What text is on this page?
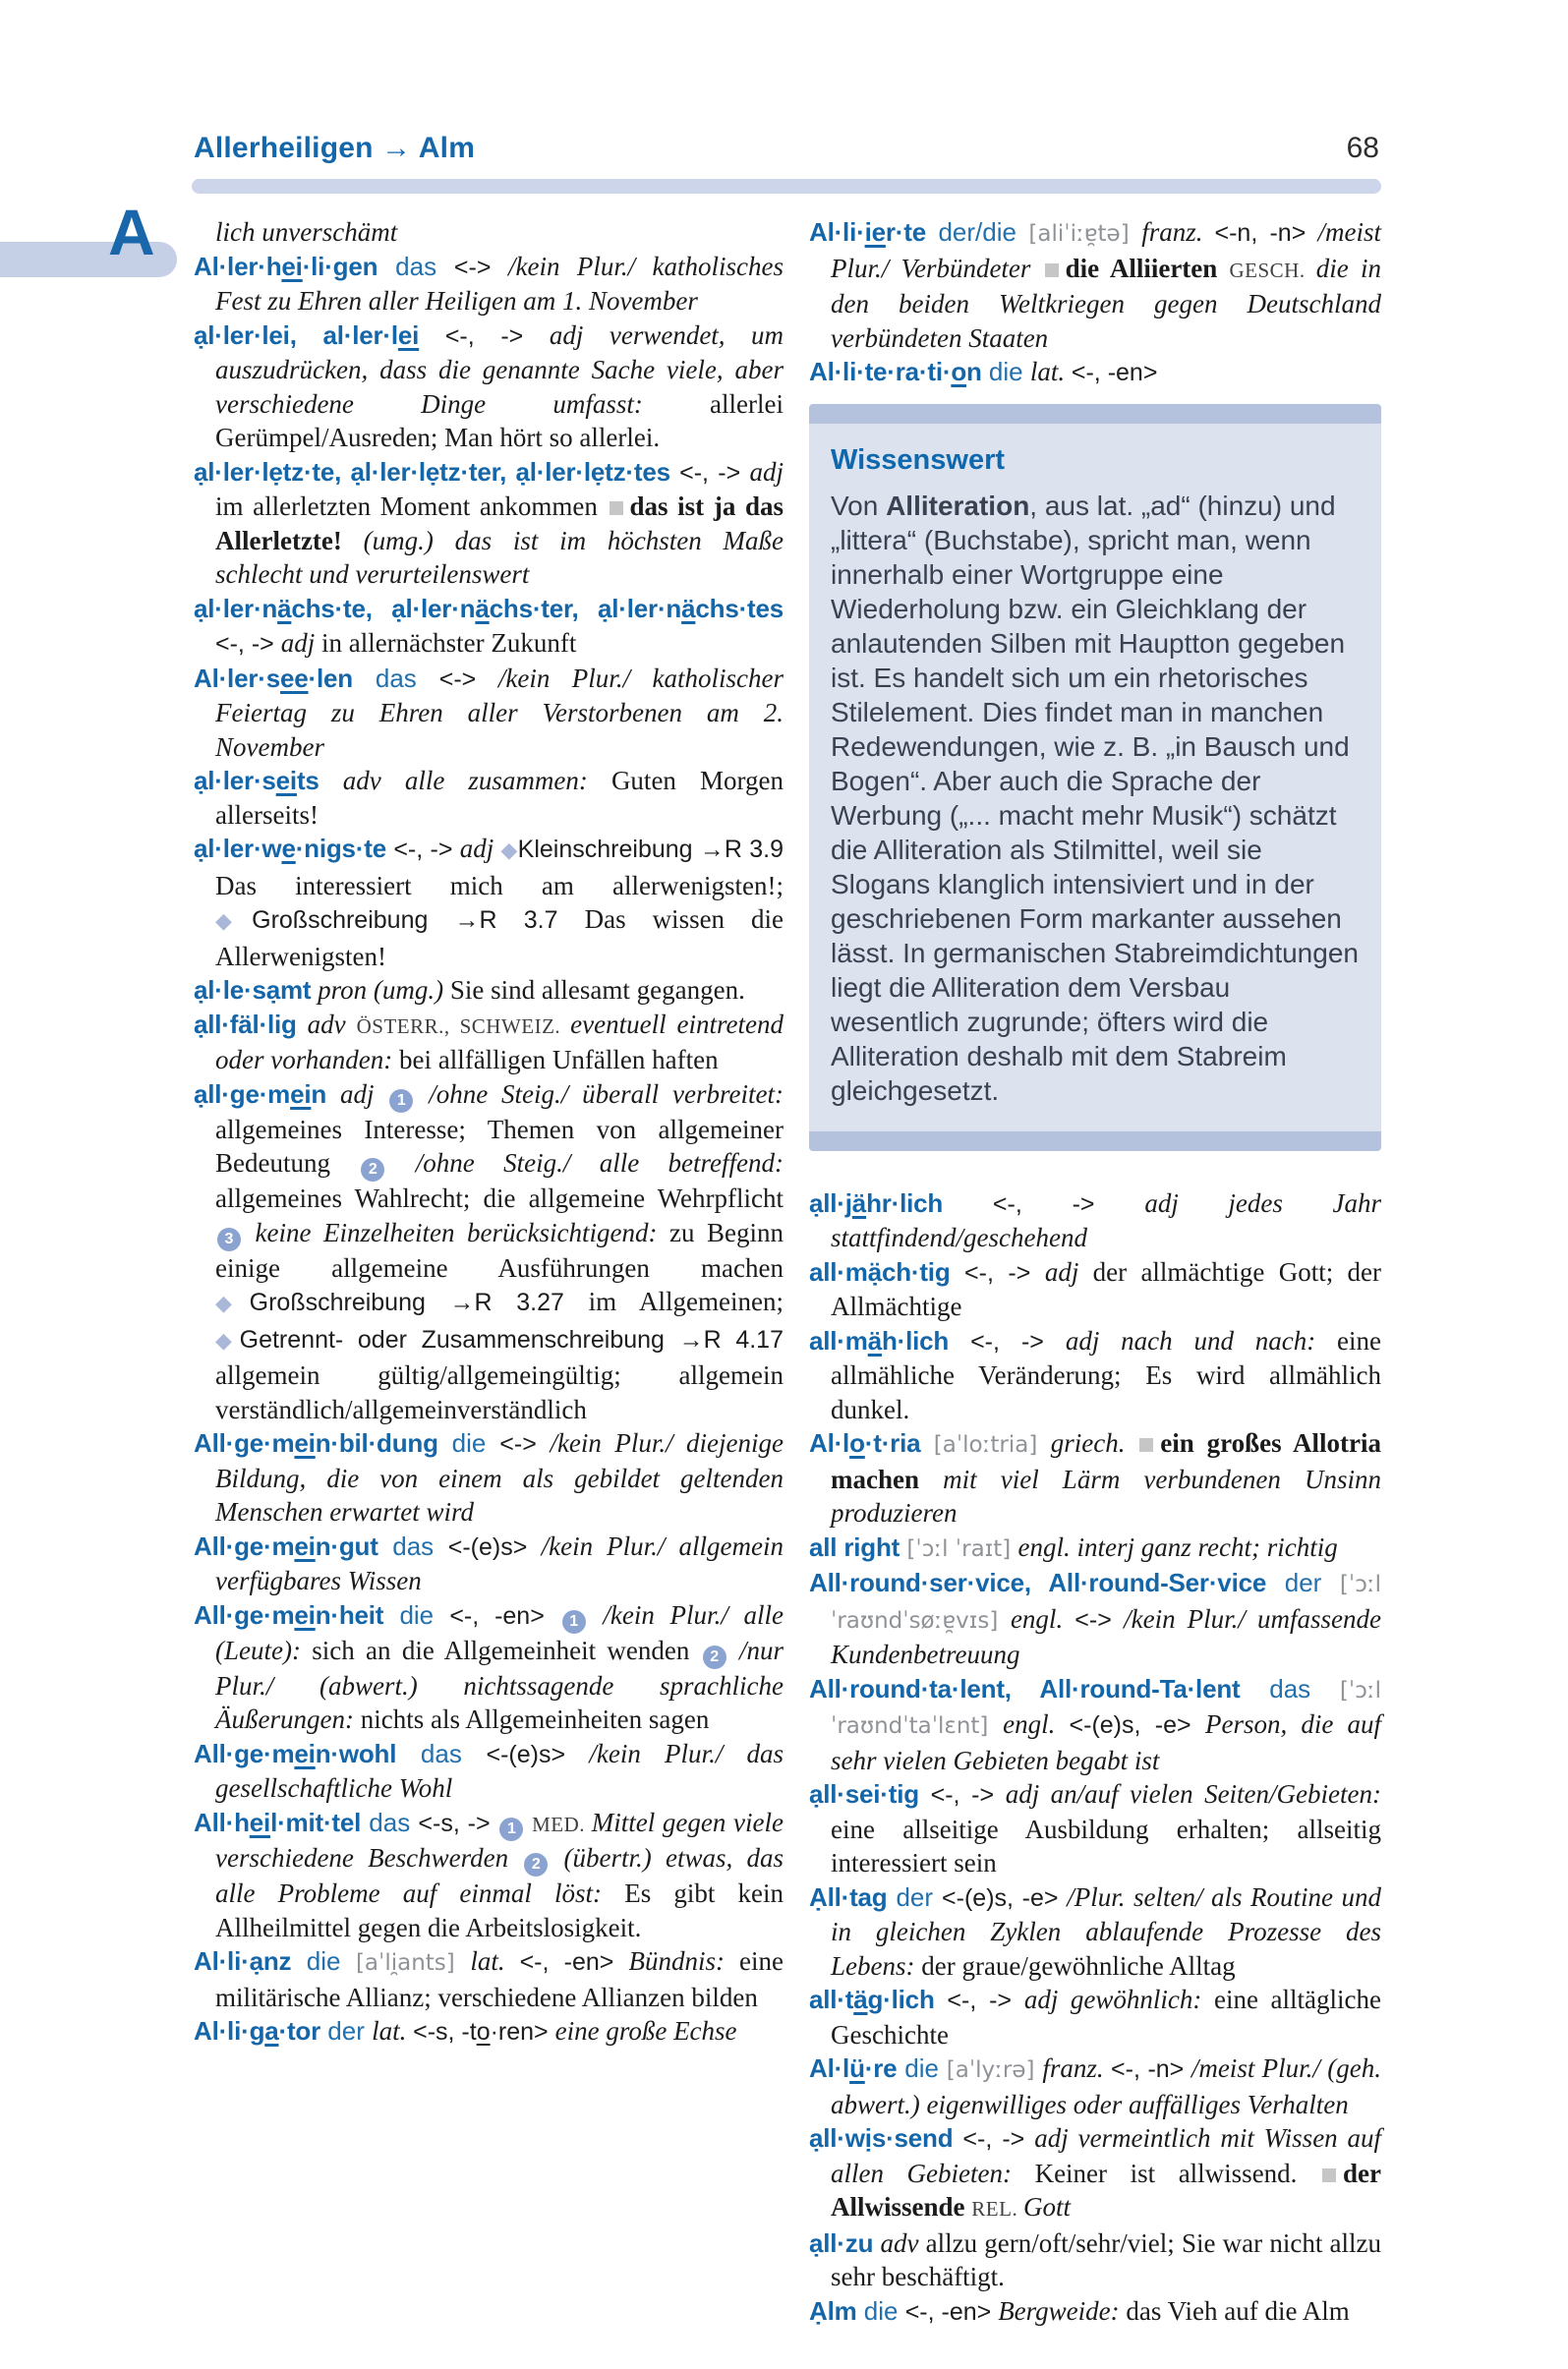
Allerheiligen → Alm	68
A	lich unverschämt

Al·ler·hei·li·gen das <-> /kein Plur./ katholisches Fest zu Ehren aller Heiligen am 1. November

ạl·ler·lei, al·ler·lei <-, -> adj verwendet, um auszudrücken, dass die genannte Sache viele, aber verschiedene Dinge umfasst: allerlei Gerümpel/Ausreden; Man hört so allerlei.

ạl·ler·lẹtz·te, ạl·ler·lẹtz·ter, ạl·ler·lẹtz·tes <-, -> adj im allerletzten Moment ankommen das ist ja das Allerletzte! (umg.) das ist im höchsten Maße schlecht und verurteilenswert

ạl·ler·nächs·te, ạl·ler·nächs·ter, ạl·ler·nächs·tes <-, -> adj in allernächster Zukunft

Al·ler·see·len das <-> /kein Plur./ katholischer Feiertag zu Ehren aller Verstorbenen am 2. November

ạl·ler·seits adv alle zusammen: Guten Morgen allerseits!

ạl·ler·we·nigs·te <-, -> adj ◆Kleinschreibung →R 3.9 Das interessiert mich am allerwenigsten!; ◆Großschreibung →R 3.7 Das wissen die Allerwenigsten!

ạl·le·sạmt pron (umg.) Sie sind allesamt gegangen.

ạll·fäl·lig adv ÖSTERR., SCHWEIZ. eventuell eintretend oder vorhanden: bei allfälligen Unfällen haften

ạll·ge·mein adj 1 /ohne Steig./ überall verbreitet: allgemeines Interesse; Themen von allgemeiner Bedeutung 2 /ohne Steig./ alle betreffend: allgemeines Wahlrecht; die allgemeine Wehrpflicht 3 keine Einzelheiten berücksichtigend: zu Beginn einige allgemeine Ausführungen machen ◆Großschreibung →R 3.27 im Allgemeinen; ◆Getrennt- oder Zusammenschreibung →R 4.17 allgemein gültig/allgemeingültig; allgemein verständlich/allgemeinverständlich

All·ge·mein·bil·dung die <-> /kein Plur./ diejenige Bildung, die von einem als gebildet geltenden Menschen erwartet wird

All·ge·mein·gut das <-(e)s> /kein Plur./ allgemein verfügbares Wissen

All·ge·mein·heit die <-, -en> 1 /kein Plur./ alle (Leute): sich an die Allgemeinheit wenden 2 /nur Plur./ (abwert.) nichtssagende sprachliche Äußerungen: nichts als Allgemeinheiten sagen

All·ge·mein·wohl das <-(e)s> /kein Plur./ das gesellschaftliche Wohl

All·heil·mit·tel das <-s, -> 1 MED. Mittel gegen viele verschiedene Beschwerden 2 (übertr.) etwas, das alle Probleme auf einmal löst: Es gibt kein Allheilmittel gegen die Arbeitslosigkeit.

Al·li·ạnz die [aˈli̯ants] lat. <-, -en> Bündnis: eine militärische Allianz; verschiedene Allianzen bilden

Al·li·ga·tor der lat. <-s, -to·ren> eine große Echse

Al·li·ier·te der/die [aliˈiːɐ̯tə] franz. <-n, -n> /meist Plur./ Verbündeter die Alliierten GESCH. die in den beiden Weltkriegen gegen Deutschland verbündeten Staaten

Al·li·te·ra·ti·on die lat. <-, -en>

Wissenswert

Von Alliteration, aus lat. „ad“ (hinzu) und „littera“ (Buchstabe), spricht man, wenn innerhalb einer Wortgruppe eine Wiederholung bzw. ein Gleichklang der anlautenden Silben mit Hauptton gegeben ist. Es handelt sich um ein rhetorisches Stilelement. Dies findet man in manchen Redewendungen, wie z. B. „in Bausch und Bogen“. Aber auch die Sprache der Werbung („... macht mehr Musik“) schätzt die Alliteration als Stilmittel, weil sie Slogans klanglich intensiviert und in der geschriebenen Form markanter aussehen lässt. In germanischen Stabreimdichtungen liegt die Alliteration dem Versbau wesentlich zugrunde; öfters wird die Alliteration deshalb mit dem Stabreim gleichgesetzt.

ạll·jähr·lich <-, -> adj jedes Jahr stattfindend/geschehend

all·mạ̈ch·tig <-, -> adj der allmächtige Gott; der Allmächtige

all·mäh·lich <-, -> adj nach und nach: eine allmähliche Veränderung; Es wird allmählich dunkel.

Al·lo·t·ria [aˈloːtria] griech. ein großes Allotria machen mit viel Lärm verbundenen Unsinn produzieren

all right [ˈɔːl ˈraɪt] engl. interj ganz recht; richtig

All·round·ser·vice, All·round-Ser·vice der [ˈɔːlˈraʊndˈsøːɐ̯vɪs] engl. <-> /kein Plur./ umfassende Kundenbetreuung

All·round·ta·lent, All·round-Ta·lent das [ˈɔːlˈraʊndˈtaˈlɛnt] engl. <-(e)s, -e> Person, die auf sehr vielen Gebieten begabt ist

ạll·sei·tig <-, -> adj an/auf vielen Seiten/Gebieten: eine allseitige Ausbildung erhalten; allseitig interessiert sein

Ạll·tag der <-(e)s, -e> /Plur. selten/ als Routine und in gleichen Zyklen ablaufende Prozesse des Lebens: der graue/gewöhnliche Alltag

all·täg·lich <-, -> adj gewöhnlich: eine alltägliche Geschichte

Al·lü·re die [aˈlyːrə] franz. <-, -n> /meist Plur./ (geh. abwert.) eigenwilliges oder auffälliges Verhalten

ạll·wịs·send <-, -> adj vermeintlich mit Wissen auf allen Gebieten: Keiner ist allwissend. der Allwissende REL. Gott

ạll·zu adv allzu gern/oft/sehr/viel; Sie war nicht allzu sehr beschäftigt.

Ạlm die <-, -en> Bergweide: das Vieh auf die Alm
